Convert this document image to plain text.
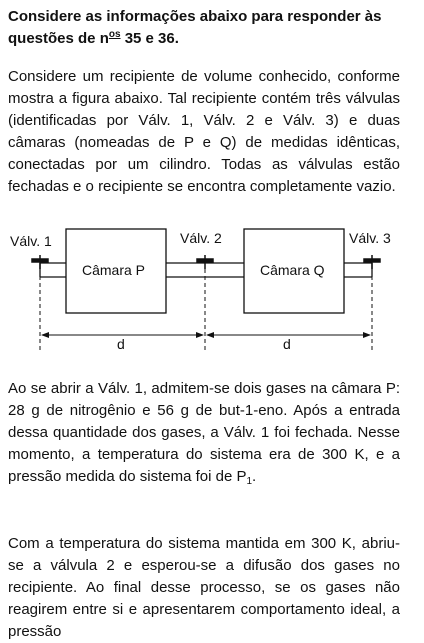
Considere as informações abaixo para responder às questões de $n^{os}$ 35 e 36.
Considere um recipiente de volume conhecido, conforme mostra a figura abaixo. Tal recipiente contém três válvulas (identificadas por Válv. 1, Válv. 2 e Válv. 3) e duas câmaras (nomeadas de P e Q) de medidas idênticas, conectadas por um cilindro. Todas as válvulas estão fechadas e o recipiente se encontra completamente vazio.
Válv. 1	Válv. 2	Válv. 3
Câmara P	Câmara Q
d	d
Ao se abrir a Válv. 1, admitem-se dois gases na câmara P: 28 g de nitrogênio e 56 g de but-1-eno. Após a entrada dessa quantidade dos gases, a Válv. 1 foi fechada. Nesse momento, a temperatura do sistema era de 300 K, e a pressão medida do sistema foi de $P_1$.
Com a temperatura do sistema mantida em 300 K, abriu-se a válvula 2 e esperou-se a difusão dos gases no recipiente. Ao final desse processo, se os gases não reagirem entre si e apresentarem comportamento ideal, a pressão
